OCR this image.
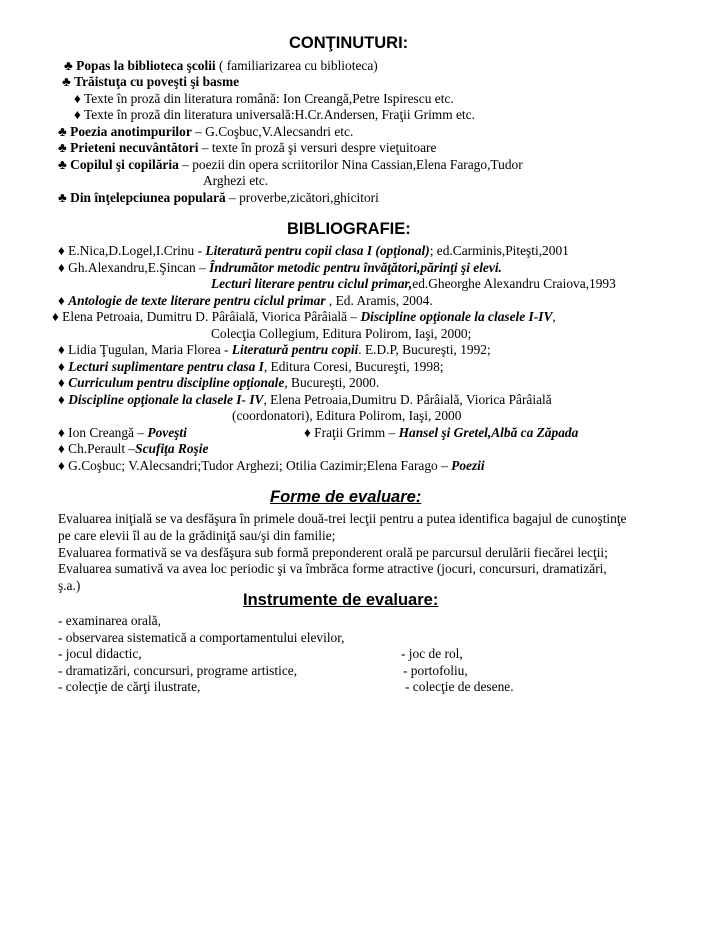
CONŢINUTURI:
♣ Popas la biblioteca şcolii ( familiarizarea cu biblioteca)
♣ Trăistuţa cu poveşti şi basme
♦ Texte în proză din literatura română: Ion Creangă,Petre Ispirescu etc.
♦ Texte în proză din literatura universală:H.Cr.Andersen, Fraţii Grimm etc.
♣ Poezia anotimpurilor – G.Coşbuc,V.Alecsandri etc.
♣ Prieteni necuvântători – texte în proză şi versuri despre vieţuitoare
♣ Copilul şi copilăria – poezii din opera scriitorilor Nina Cassian,Elena Farago,Tudor
Arghezi etc.
♣ Din înţelepciunea populară – proverbe,zicători,ghicitori
BIBLIOGRAFIE:
♦ E.Nica,D.Logel,I.Crinu - Literatură pentru copii clasa I (opţional); ed.Carminis,Piteşti,2001
♦ Gh.Alexandru,E.Şincan – Îndrumător metodic pentru învăţători,părinţi şi elevi.
Lecturi literare pentru ciclul primar,ed.Gheorghe Alexandru Craiova,1993
♦ Antologie de texte literare pentru ciclul primar , Ed. Aramis, 2004.
♦ Elena Petroaia, Dumitru D. Pârâială, Viorica Pârâială – Discipline opţionale la clasele I-IV,
Colecţia Collegium, Editura Polirom, Iaşi, 2000;
♦ Lidia Ţugulan, Maria Florea - Literatură pentru copii. E.D.P, Bucureşti, 1992;
♦ Lecturi suplimentare pentru clasa I, Editura Coresi, Bucureşti, 1998;
♦ Curriculum pentru discipline opţionale, Bucureşti, 2000.
♦ Discipline opţionale la clasele I- IV, Elena Petroaia,Dumitru D. Pârâială, Viorica Pârâială
(coordonatori), Editura Polirom, Iaşi, 2000
♦ Ion Creangă – Poveşti	♦ Fraţii Grimm – Hansel şi Gretel,Albă ca Zăpada
♦ Ch.Perault –Scufiţa Roşie
♦ G.Coşbuc; V.Alecsandri;Tudor Arghezi; Otilia Cazimir;Elena Farago – Poezii
Forme de evaluare:
Evaluarea iniţială se va desfăşura în primele două-trei lecţii pentru a putea identifica bagajul de cunoştinţe
pe care elevii îl au de la grădiniţă sau/şi din familie;
Evaluarea formativă se va desfăşura sub formă preponderent orală pe parcursul derulării fiecărei lecţii;
Evaluarea sumativă va avea loc periodic şi va îmbrăca forme atractive (jocuri, concursuri, dramatizări,
ş.a.)
Instrumente de evaluare:
- examinarea orală,
- observarea sistematică a comportamentului elevilor,
- jocul didactic,	- joc de rol,
- dramatizări, concursuri, programe artistice,	- portofoliu,
- colecţie de cărţi ilustrate,	- colecţie de desene.
